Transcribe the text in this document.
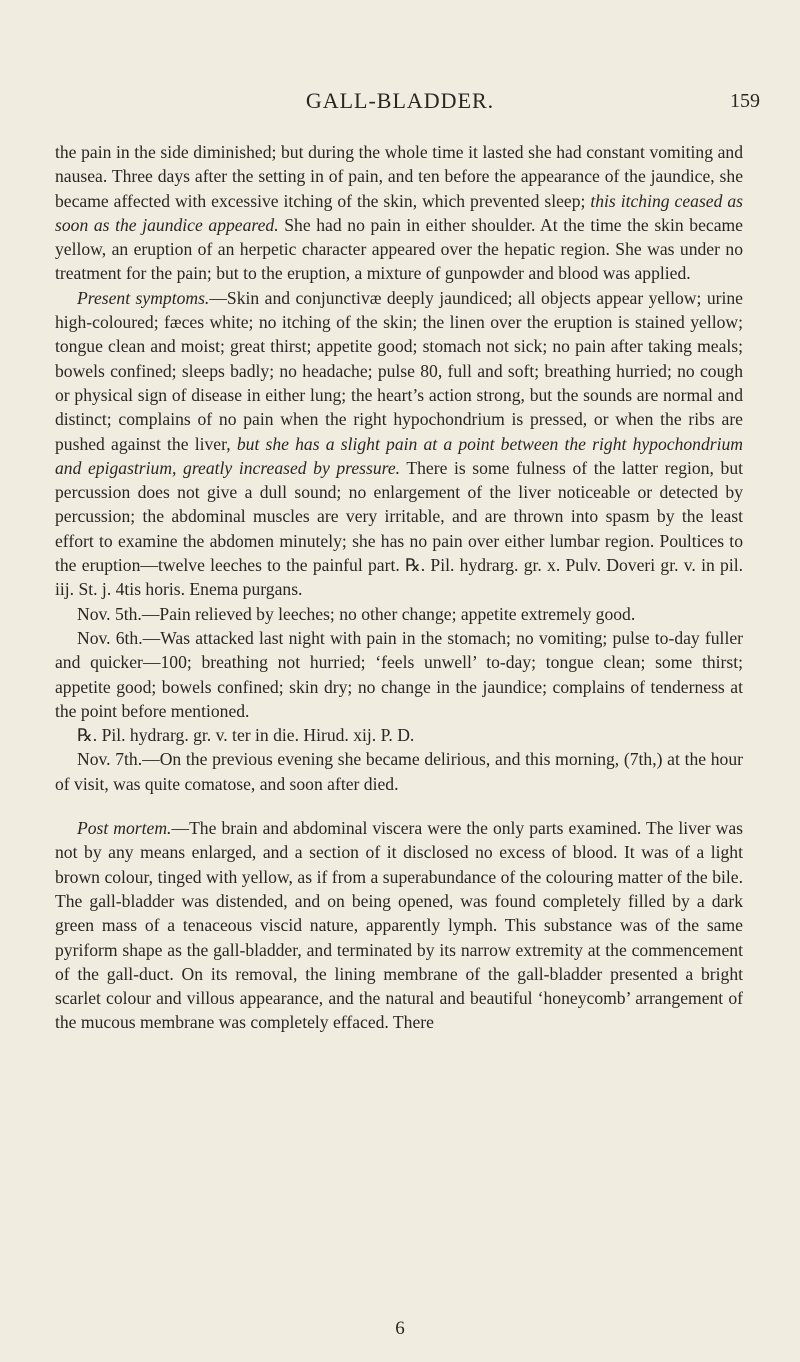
GALL-BLADDER.	159

the pain in the side diminished; but during the whole time it lasted she had constant vomiting and nausea. Three days after the setting in of pain, and ten before the appearance of the jaundice, she became affected with excessive itching of the skin, which prevented sleep; this itching ceased as soon as the jaundice appeared. She had no pain in either shoulder. At the time the skin became yellow, an eruption of an herpetic character appeared over the hepatic region. She was under no treatment for the pain; but to the eruption, a mixture of gunpowder and blood was applied.

Present symptoms.—Skin and conjunctivæ deeply jaundiced; all objects appear yellow; urine high-coloured; fæces white; no itching of the skin; the linen over the eruption is stained yellow; tongue clean and moist; great thirst; appetite good; stomach not sick; no pain after taking meals; bowels confined; sleeps badly; no headache; pulse 80, full and soft; breathing hurried; no cough or physical sign of disease in either lung; the heart’s action strong, but the sounds are normal and distinct; complains of no pain when the right hypochondrium is pressed, or when the ribs are pushed against the liver, but she has a slight pain at a point between the right hypochondrium and epigastrium, greatly increased by pressure. There is some fulness of the latter region, but percussion does not give a dull sound; no enlargement of the liver noticeable or detected by percussion; the abdominal muscles are very irritable, and are thrown into spasm by the least effort to examine the abdomen minutely; she has no pain over either lumbar region. Poultices to the eruption—twelve leeches to the painful part. ℞. Pil. hydrarg. gr. x. Pulv. Doveri gr. v. in pil. iij. St. j. 4tis horis. Enema purgans.

Nov. 5th.—Pain relieved by leeches; no other change; appetite extremely good.

Nov. 6th.—Was attacked last night with pain in the stomach; no vomiting; pulse to-day fuller and quicker—100; breathing not hurried; ‘feels unwell’ to-day; tongue clean; some thirst; appetite good; bowels confined; skin dry; no change in the jaundice; complains of tenderness at the point before mentioned.

℞. Pil. hydrarg. gr. v. ter in die. Hirud. xij. P. D.

Nov. 7th.—On the previous evening she became delirious, and this morning, (7th,) at the hour of visit, was quite comatose, and soon after died.

Post mortem.—The brain and abdominal viscera were the only parts examined. The liver was not by any means enlarged, and a section of it disclosed no excess of blood. It was of a light brown colour, tinged with yellow, as if from a superabundance of the colouring matter of the bile. The gall-bladder was distended, and on being opened, was found completely filled by a dark green mass of a tenaceous viscid nature, apparently lymph. This substance was of the same pyriform shape as the gall-bladder, and terminated by its narrow extremity at the commencement of the gall-duct. On its removal, the lining membrane of the gall-bladder presented a bright scarlet colour and villous appearance, and the natural and beautiful ‘honeycomb’ arrangement of the mucous membrane was completely effaced. There

6
